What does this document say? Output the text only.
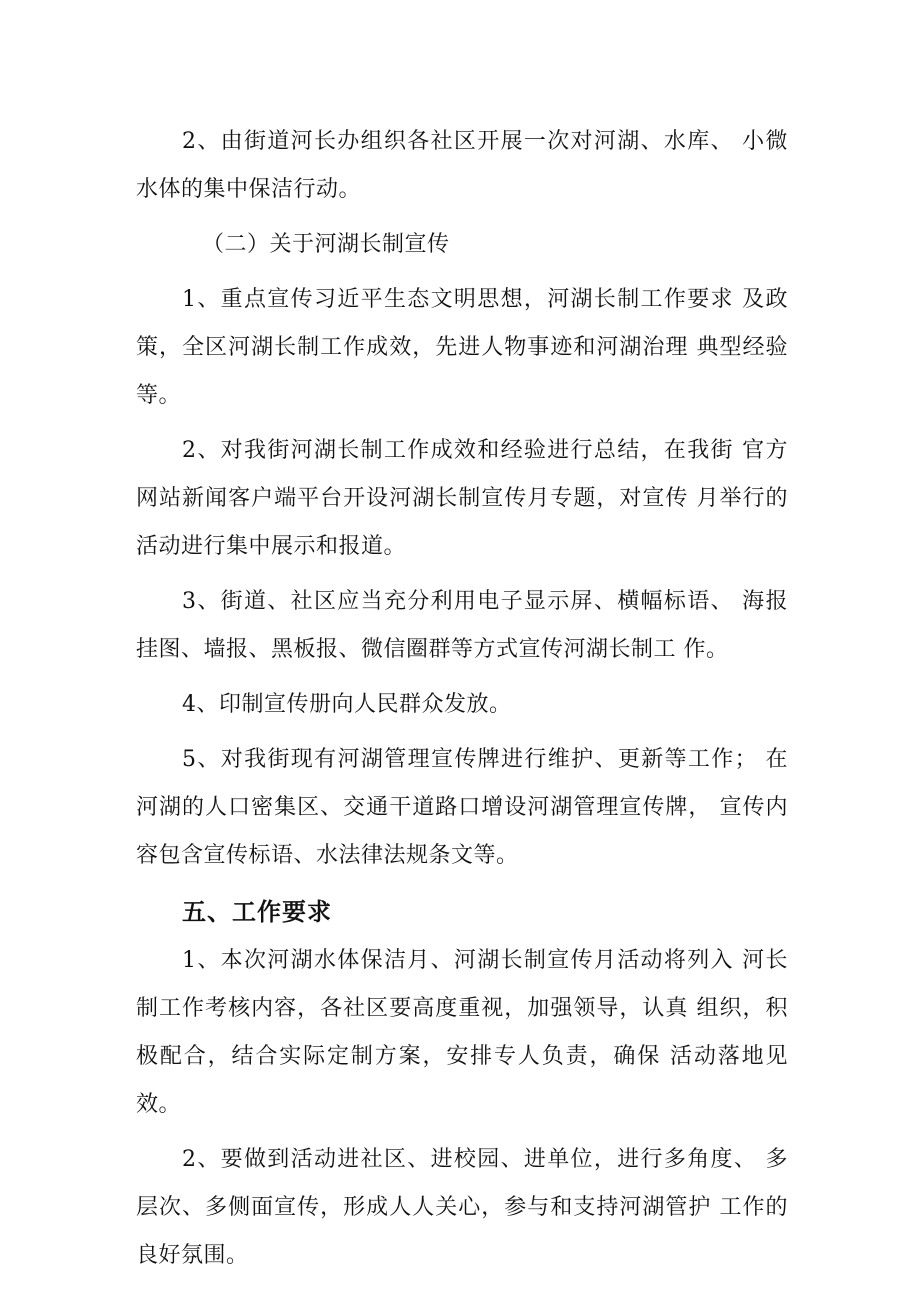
2、由街道河长办组织各社区开展一次对河湖、水库、 小微水体的集中保洁行动。

（二）关于河湖长制宣传

1、重点宣传习近平生态文明思想，河湖长制工作要求 及政策，全区河湖长制工作成效，先进人物事迹和河湖治理 典型经验等。

2、对我街河湖长制工作成效和经验进行总结，在我街 官方网站新闻客户端平台开设河湖长制宣传月专题，对宣传 月举行的活动进行集中展示和报道。

3、街道、社区应当充分利用电子显示屏、横幅标语、 海报挂图、墙报、黑板报、微信圈群等方式宣传河湖长制工 作。

4、印制宣传册向人民群众发放。

5、对我街现有河湖管理宣传牌进行维护、更新等工作； 在河湖的人口密集区、交通干道路口增设河湖管理宣传牌， 宣传内容包含宣传标语、水法律法规条文等。

五、工作要求

1、本次河湖水体保洁月、河湖长制宣传月活动将列入 河长制工作考核内容，各社区要高度重视，加强领导，认真 组织，积极配合，结合实际定制方案，安排专人负责，确保 活动落地见效。

2、要做到活动进社区、进校园、进单位，进行多角度、 多层次、多侧面宣传，形成人人关心，参与和支持河湖管护 工作的良好氛围。
